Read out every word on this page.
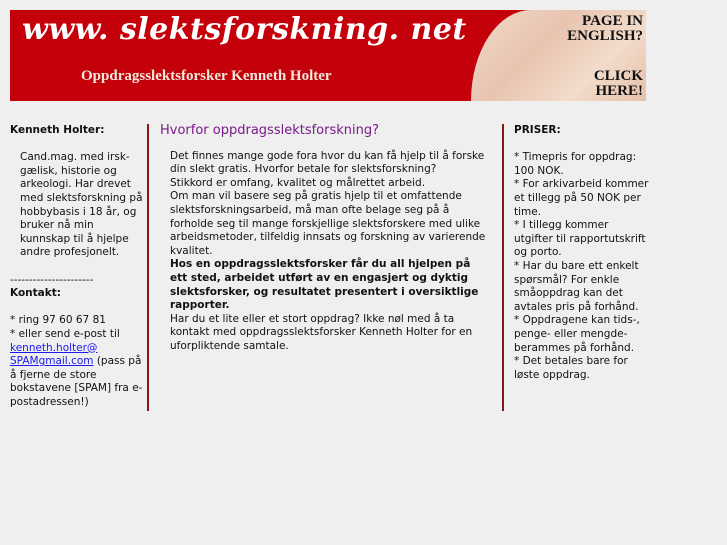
www. slektsforskning. net
Oppdragsslektsforsker Kenneth Holter
PAGE IN
ENGLISH?
CLICK
HERE!

Kenneth Holter:

Cand.mag. med irsk-gælisk, historie og arkeologi. Har drevet med slektsforskning på hobbybasis i 18 år, og bruker nå min kunnskap til å hjelpe andre profesjonelt.

----------------------

Kontakt:

* ring 97 60 67 81

* eller send e-post til
kenneth.holter@ SPAMgmail.com (pass på å fjerne de store bokstavene [SPAM] fra e-postadressen!)

Hvorfor oppdragsslektsforskning?

Det finnes mange gode fora hvor du kan få hjelp til å forske din slekt gratis. Hvorfor betale for slektsforskning?

Stikkord er omfang, kvalitet og målrettet arbeid.

Om man vil basere seg på gratis hjelp til et omfattende slektsforskningsarbeid, må man ofte belage seg på å forholde seg til mange forskjellige slektsforskere med ulike arbeidsmetoder, tilfeldig innsats og forskning av varierende kvalitet.

Hos en oppdragsslektsforsker får du all hjelpen på ett sted, arbeidet utført av en engasjert og dyktig slektsforsker, og resultatet presentert i oversiktlige rapporter.

Har du et lite eller et stort oppdrag? Ikke nøl med å ta kontakt med oppdragsslektsforsker Kenneth Holter for en uforpliktende samtale.

PRISER:

* Timepris for oppdrag: 100 NOK.

* For arkivarbeid kommer et tillegg på 50 NOK per time.

* I tillegg kommer utgifter til rapportutskrift og porto.

* Har du bare ett enkelt spørsmål? For enkle småoppdrag kan det avtales pris på forhånd.

* Oppdragene kan tids-, penge- eller mengde-berammes på forhånd.

* Det betales bare for løste oppdrag.
